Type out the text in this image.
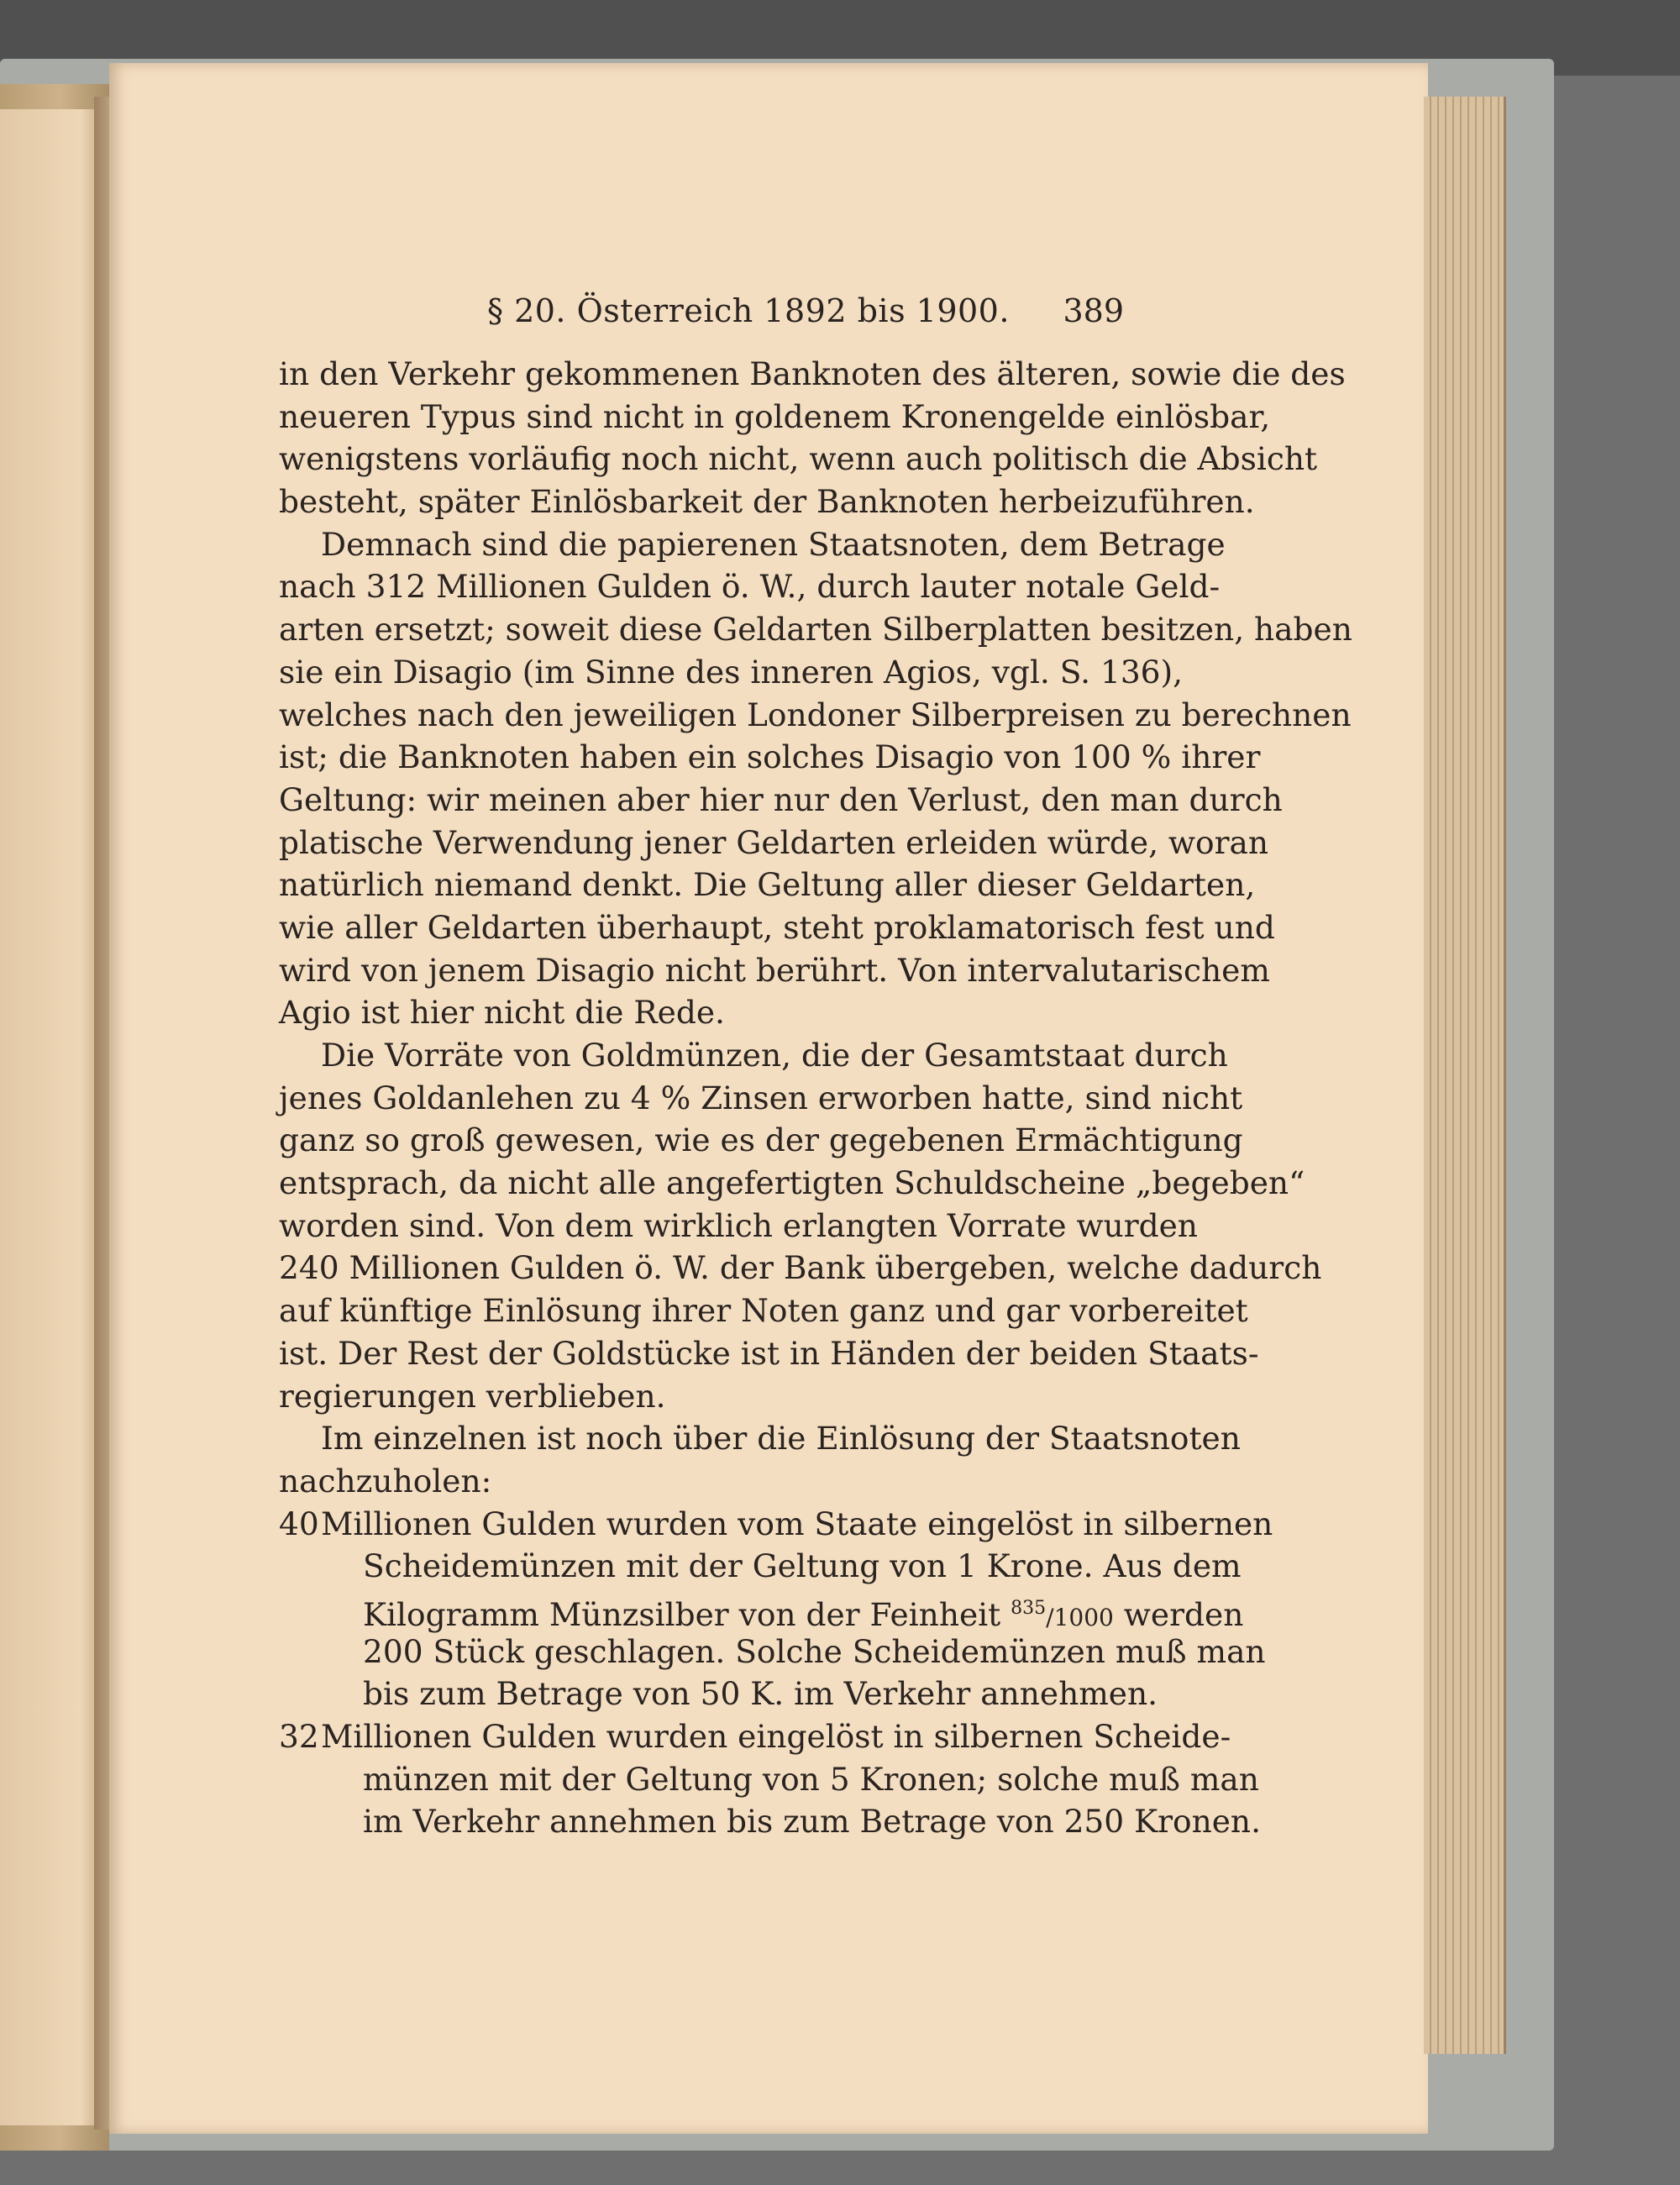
§ 20. Österreich 1892 bis 1900. 389
in den Verkehr gekommenen Banknoten des älteren, sowie die des
neueren Typus sind nicht in goldenem Kronengelde einlösbar,
wenigstens vorläufig noch nicht, wenn auch politisch die Absicht
besteht, später Einlösbarkeit der Banknoten herbeizuführen.
Demnach sind die papierenen Staatsnoten, dem Betrage
nach 312 Millionen Gulden ö. W., durch lauter notale Geld-
arten ersetzt; soweit diese Geldarten Silberplatten besitzen, haben
sie ein Disagio (im Sinne des inneren Agios, vgl. S. 136),
welches nach den jeweiligen Londoner Silberpreisen zu berechnen
ist; die Banknoten haben ein solches Disagio von 100 % ihrer
Geltung: wir meinen aber hier nur den Verlust, den man durch
platische Verwendung jener Geldarten erleiden würde, woran
natürlich niemand denkt. Die Geltung aller dieser Geldarten,
wie aller Geldarten überhaupt, steht proklamatorisch fest und
wird von jenem Disagio nicht berührt. Von intervalutarischem
Agio ist hier nicht die Rede.
Die Vorräte von Goldmünzen, die der Gesamtstaat durch
jenes Goldanlehen zu 4 % Zinsen erworben hatte, sind nicht
ganz so groß gewesen, wie es der gegebenen Ermächtigung
entsprach, da nicht alle angefertigten Schuldscheine „begeben“
worden sind. Von dem wirklich erlangten Vorrate wurden
240 Millionen Gulden ö. W. der Bank übergeben, welche dadurch
auf künftige Einlösung ihrer Noten ganz und gar vorbereitet
ist. Der Rest der Goldstücke ist in Händen der beiden Staats-
regierungen verblieben.
Im einzelnen ist noch über die Einlösung der Staatsnoten
nachzuholen:
40Millionen Gulden wurden vom Staate eingelöst in silbernen
Scheidemünzen mit der Geltung von 1 Krone. Aus dem
Kilogramm Münzsilber von der Feinheit $^{835}$/1000 werden
200 Stück geschlagen. Solche Scheidemünzen muß man
bis zum Betrage von 50 K. im Verkehr annehmen.
32Millionen Gulden wurden eingelöst in silbernen Scheide-
münzen mit der Geltung von 5 Kronen; solche muß man
im Verkehr annehmen bis zum Betrage von 250 Kronen.
